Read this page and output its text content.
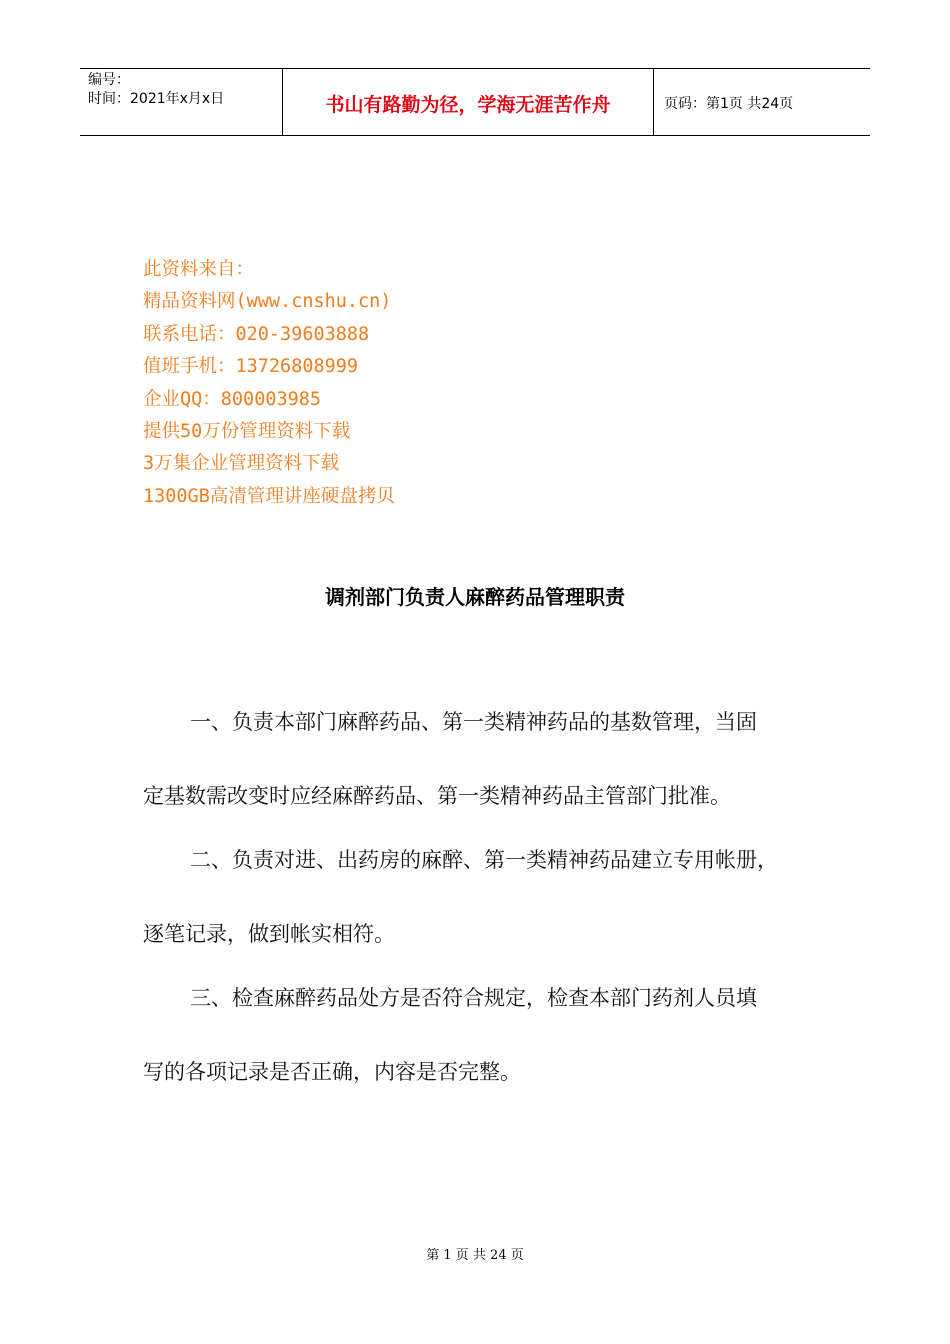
编号：
时间：2021年x月x日	书山有路勤为径，学海无涯苦作舟	页码：第1页 共24页
此资料来自：
精品资料网(www.cnshu.cn)
联系电话：020-39603888
值班手机：13726808999
企业QQ：800003985
提供50万份管理资料下载
3万集企业管理资料下载
1300GB高清管理讲座硬盘拷贝
调剂部门负责人麻醉药品管理职责
一、负责本部门麻醉药品、第一类精神药品的基数管理，当固
定基数需改变时应经麻醉药品、第一类精神药品主管部门批准。
二、负责对进、出药房的麻醉、第一类精神药品建立专用帐册，
逐笔记录，做到帐实相符。
三、检查麻醉药品处方是否符合规定，检查本部门药剂人员填
写的各项记录是否正确，内容是否完整。
第 1 页 共 24 页
